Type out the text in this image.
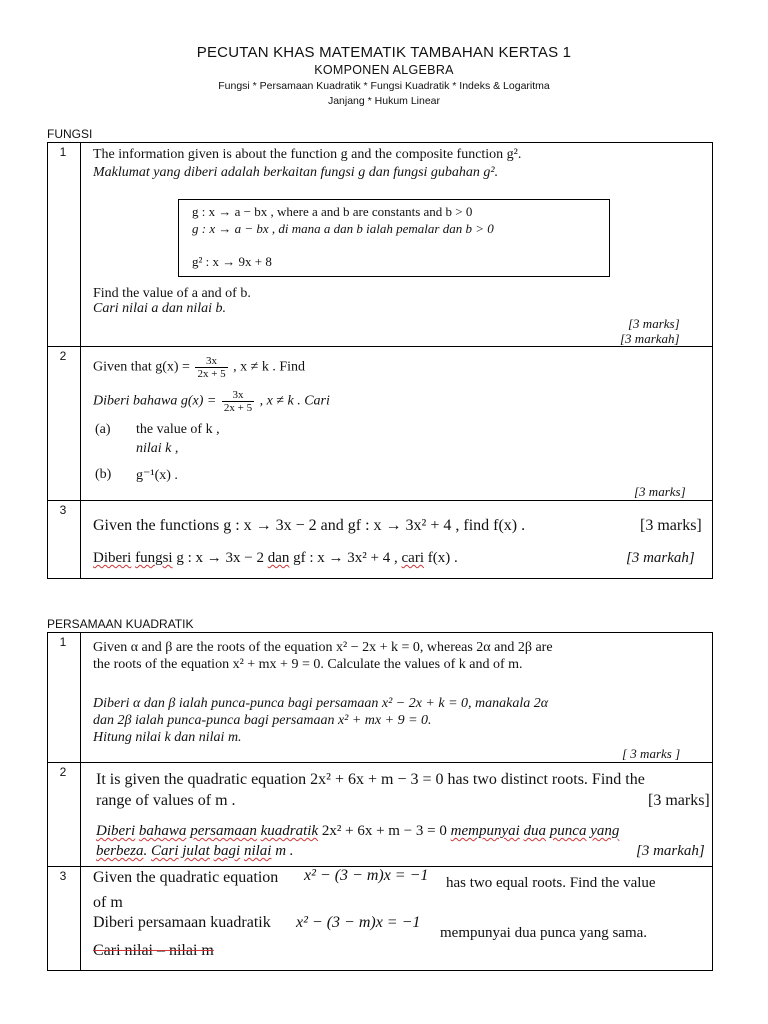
PECUTAN KHAS MATEMATIK TAMBAHAN KERTAS 1
KOMPONEN ALGEBRA
Fungsi * Persamaan Kuadratik * Fungsi Kuadratik * Indeks & Logaritma
Janjang * Hukum Linear
FUNGSI
1	The information given is about the function g and the composite function g².
Maklumat yang diberi adalah berkaitan fungsi g dan fungsi gubahan g².
g : x → a − bx , where a and b are constants and b > 0
g : x → a − bx , di mana a dan b ialah pemalar dan b > 0
g² : x → 9x + 8
Find the value of a and of b.
Cari nilai a dan nilai b.
[3 marks]
[3 markah]
2
Given that $g(x) = \frac{3x}{2x + 5}$ , x ≠ k . Find
Diberi bahawa $g(x) = \frac{3x}{2x + 5}$ , x ≠ k . Cari
(a) the value of k ,
nilai k ,
(b) g⁻¹(x) .
[3 marks]
3
Given the functions g : x → 3x − 2 and gf : x → 3x² + 4 , find f(x) .	[3 marks]
Diberi fungsi g : x → 3x − 2 dan gf : x → 3x² + 4 , cari f(x) .	[3 markah]
PERSAMAAN KUADRATIK
1	Given α and β are the roots of the equation x² − 2x + k = 0, whereas 2α and 2β are
the roots of the equation x² + mx + 9 = 0. Calculate the values of k and of m.
Diberi α dan β ialah punca-punca bagi persamaan x² − 2x + k = 0, manakala 2α
dan 2β ialah punca-punca bagi persamaan x² + mx + 9 = 0.
Hitung nilai k dan nilai m.
[ 3 marks ]
2	It is given the quadratic equation 2x² + 6x + m − 3 = 0 has two distinct roots. Find the
range of values of m .	[3 marks]
Diberi bahawa persamaan kuadratik 2x² + 6x + m − 3 = 0 mempunyai dua punca yang
berbeza. Cari julat bagi nilai m .	[3 markah]
3	Given the quadratic equation x² − (3 − m)x = −1 has two equal roots. Find the value
of m
Diberi persamaan kuadratik x² − (3 − m)x = −1
mempunyai dua punca yang sama.
Cari nilai – nilai m
